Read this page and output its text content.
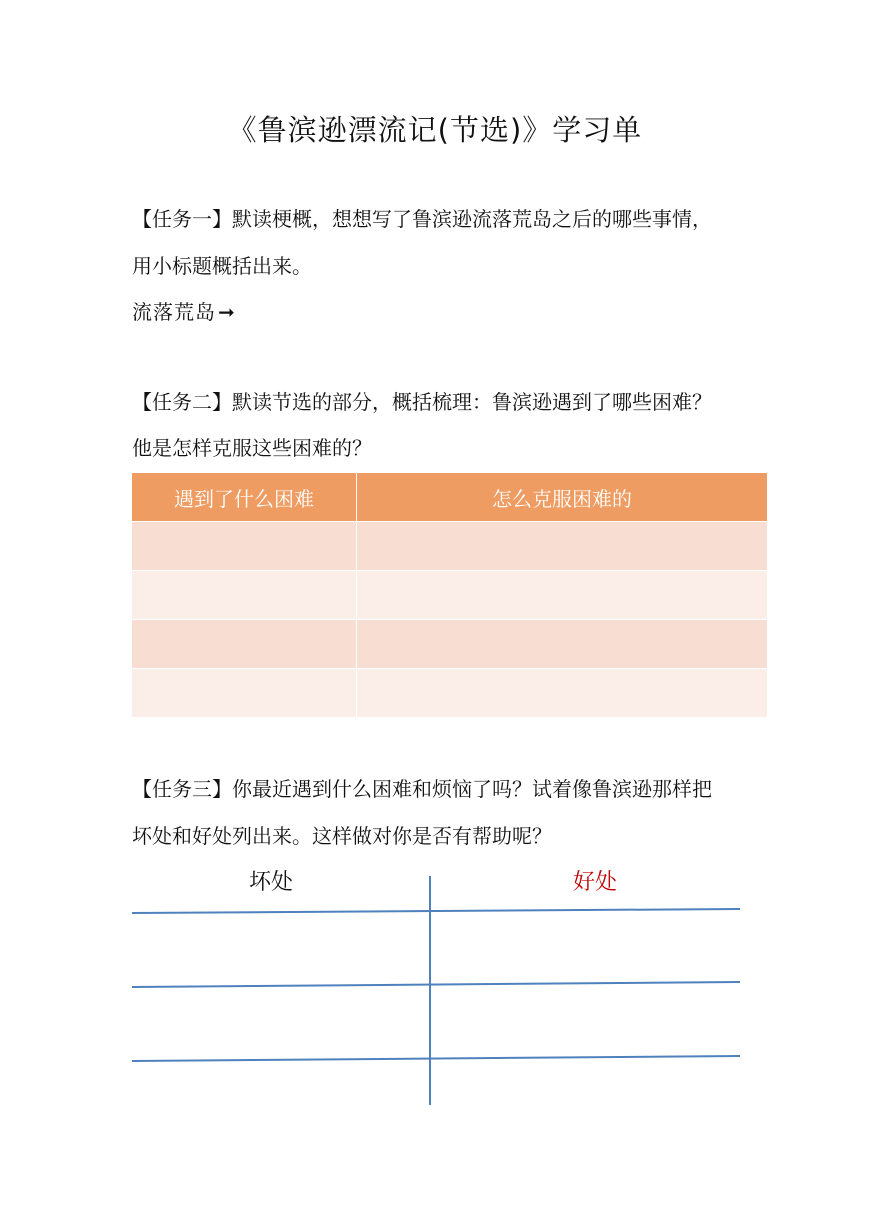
《鲁滨逊漂流记(节选)》学习单
【任务一】默读梗概，想想写了鲁滨逊流落荒岛之后的哪些事情，
用小标题概括出来。
流落荒岛 ➞
【任务二】默读节选的部分，概括梳理：鲁滨逊遇到了哪些困难？
他是怎样克服这些困难的？
遇到了什么困难	怎么克服困难的

【任务三】你最近遇到什么困难和烦恼了吗？试着像鲁滨逊那样把
坏处和好处列出来。这样做对你是否有帮助呢？
坏处	好处
